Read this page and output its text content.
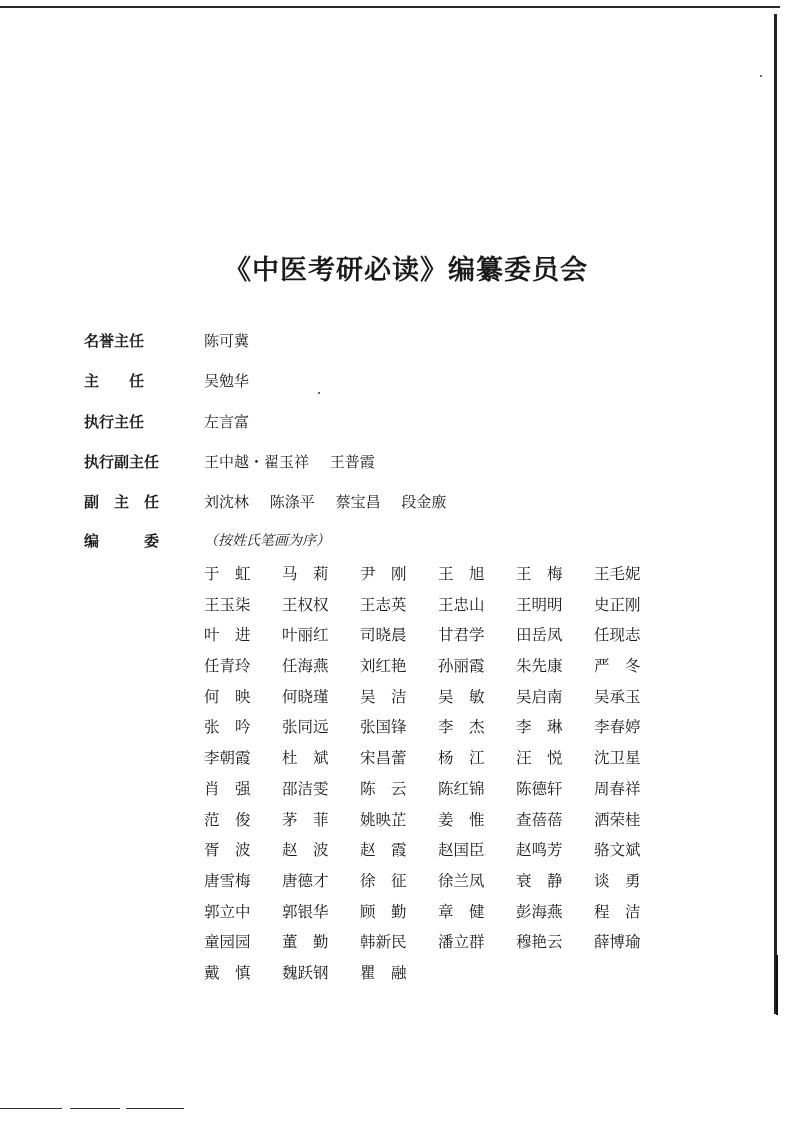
《中医考研必读》编纂委员会
名誉主任	陈可冀
主　　任	吴勉华
执行主任	左言富
执行副主任	王中越・翟玉祥 王普霞
副　主　任	刘沈林 陈涤平 蔡宝昌 段金廒
编　　　委	（按姓氏笔画为序）
于　虹	马　莉	尹　刚	王　旭	王　梅	王毛妮
王玉柒	王权权	王志英	王忠山	王明明	史正刚
叶　进	叶丽红	司晓晨	甘君学	田岳凤	任现志
任青玲	任海燕	刘红艳	孙丽霞	朱先康	严　冬
何　映	何晓瑾	吴　洁	吴　敏	吴启南	吴承玉
张　吟	张同远	张国锋	李　杰	李　琳	李春婷
李朝霞	杜　斌	宋昌蕾	杨　江	汪　悦	沈卫星
肖　强	邵洁雯	陈　云	陈红锦	陈德轩	周春祥
范　俊	茅　菲	姚映芷	姜　惟	查蓓蓓	洒荣桂
胥　波	赵　波	赵　霞	赵国臣	赵鸣芳	骆文斌
唐雪梅	唐德才	徐　征	徐兰凤	衰　静	谈　勇
郭立中	郭银华	顾　勤	章　健	彭海燕	程　洁
童园园	董　勤	韩新民	潘立群	穆艳云	薛博瑜
戴　慎	魏跃钢	瞿　融
